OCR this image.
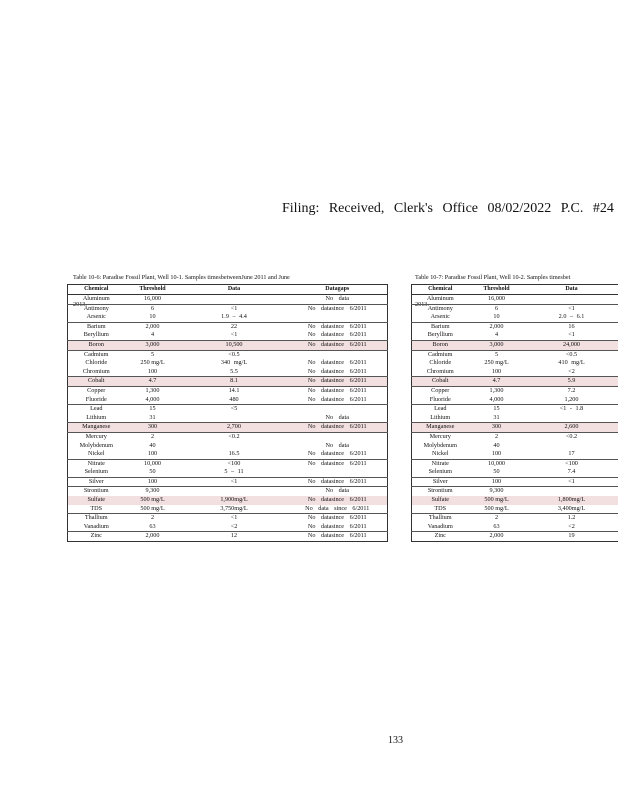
Filing: Received, Clerk's Office 08/02/2022 P.C. #24

Table 10-6: Paradise Fossil Plant, Well 10-1. Samples timesbetweenJune 2011 and June

2013.

Chemical	Threshold	Data	Datagaps
Aluminum	16,000		No data
Antimony	6	<1	No datasince 6/2011
Arsenic	10	1.9 – 4.4	
Barium	2,000	22	No datasince 6/2011
Beryllium	4	<1	No datasince 6/2011
Boron	3,000	10,500	No datasince 6/2011
Cadmium	5	<0.5	
Chloride	250 mg/L	340 mg/L	No datasince 6/2011
Chromium	100	5.5	No datasince 6/2011
Cobalt	4.7	8.1	No datasince 6/2011
Copper	1,300	14.1	No datasince 6/2011
Fluoride	4,000	480	No datasince 6/2011
Lead	15	<5	
Lithium	31		No data
Manganese	300	2,700	No datasince 6/2011
Mercury	2	<0.2	
Molybdenum	40		No data
Nickel	100	16.5	No datasince 6/2011
Nitrate	10,000	<100	No datasince 6/2011
Selenium	50	5 – 11	
Silver	100	<1	No datasince 6/2011
Strontium	9,300		No data
Sulfate	500 mg/L	1,900mg/L	No datasince 6/2011
TDS	500 mg/L	3,750mg/L	No data since 6/2011
Thallium	2	<1	No datasince 6/2011
Vanadium	63	<2	No datasince 6/2011
Zinc	2,000	12	No datasince 6/2011

Table 10-7: Paradise Fossil Plant, Well 10-2. Samples timesbet

2013.

Chemical	Threshold	Data
Aluminum	16,000	
Antimony	6	<1
Arsenic	10	2.0 – 6.1
Barium	2,000	16
Beryllium	4	<1
Boron	3,000	24,000
Cadmium	5	<0.5
Chloride	250 mg/L	410 mg/L
Chromium	100	<2
Cobalt	4.7	5.9
Copper	1,300	7.2
Fluoride	4,000	1,200
Lead	15	<1 - 1.8
Lithium	31	
Manganese	300	2,600
Mercury	2	<0.2
Molybdenum	40	
Nickel	100	17
Nitrate	10,000	<100
Selenium	50	7.4
Silver	100	<1
Strontium	9,300	
Sulfate	500 mg/L	1,800mg/L
TDS	500 mg/L	3,400mg/L
Thallium	2	1.2
Vanadium	63	<2
Zinc	2,000	19
133
